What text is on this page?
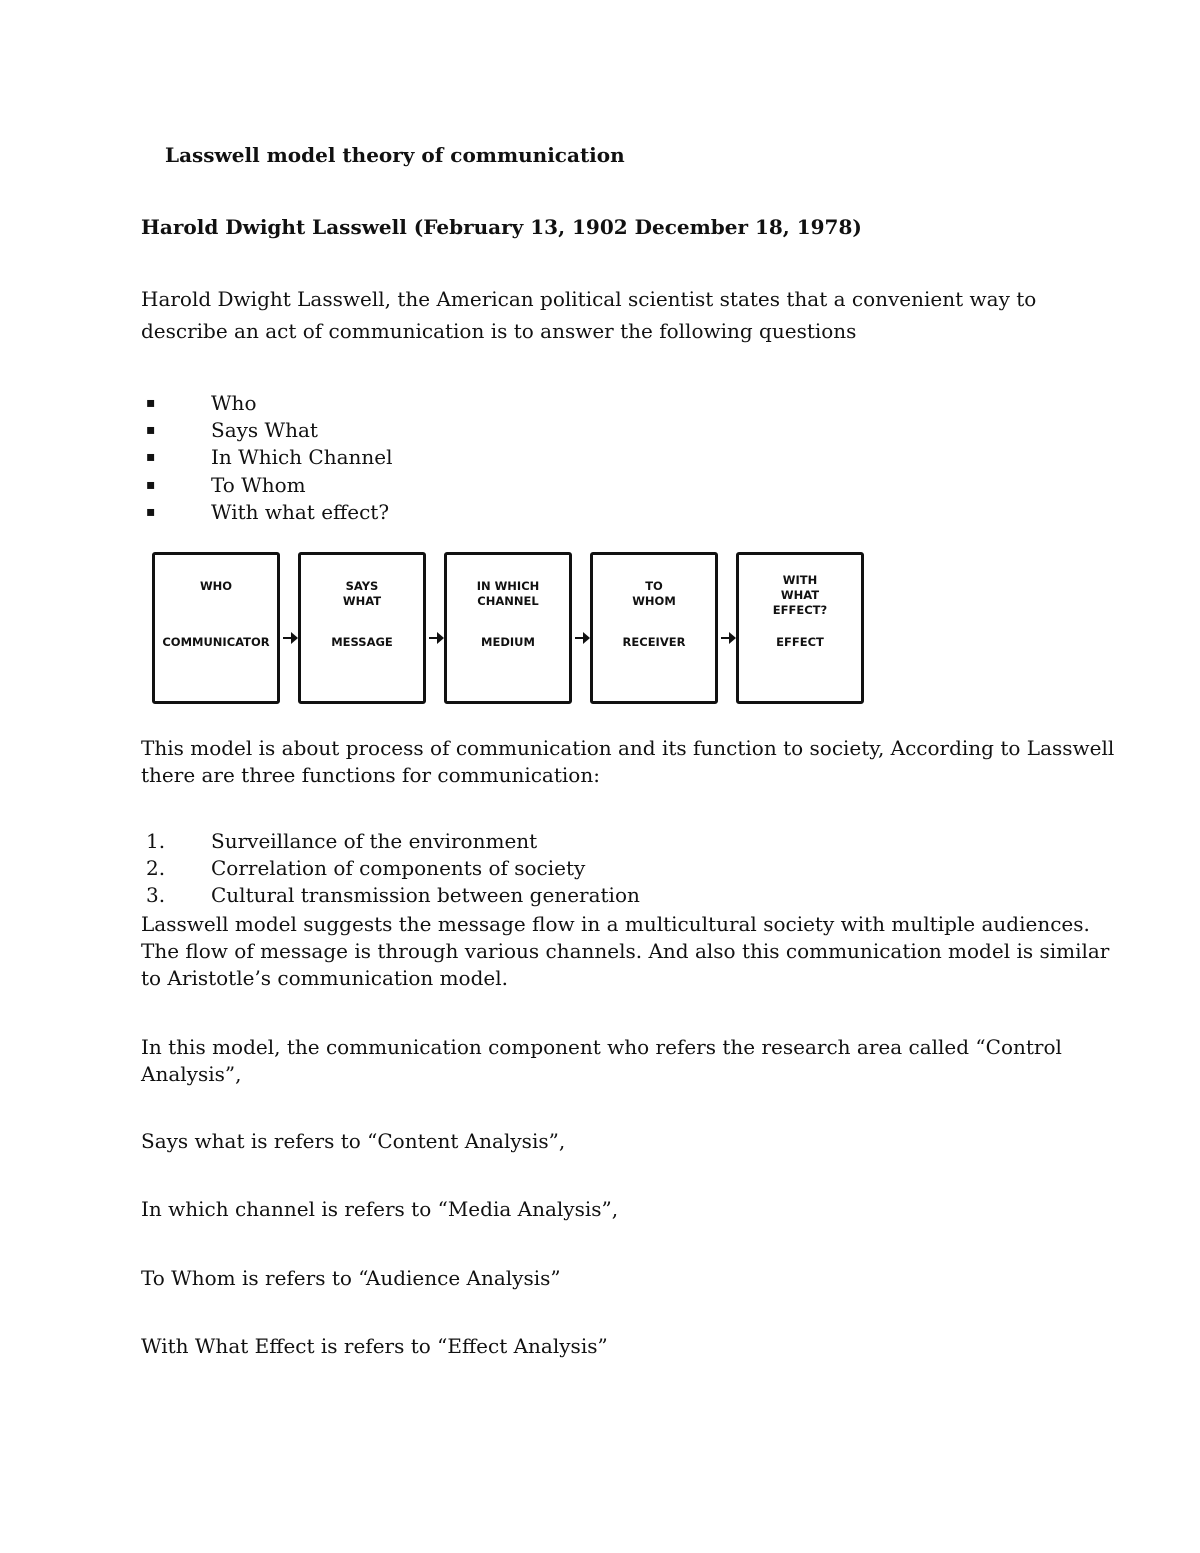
Lasswell model theory of communication
Harold Dwight Lasswell (February 13, 1902 December 18, 1978)
Harold Dwight Lasswell, the American political scientist states that a convenient way to
describe an act of communication is to answer the following questions
▪	Who
▪	Says What
▪	In Which Channel
▪	To Whom
▪	With what effect?
WHO
COMMUNICATOR
SAYS WHAT
MESSAGE
IN WHICH CHANNEL
MEDIUM
TO WHOM
RECEIVER
WITH WHAT EFFECT?
EFFECT
This model is about process of communication and its function to society, According to Lasswell
there are three functions for communication:
1. Surveillance of the environment
2. Correlation of components of society
3. Cultural transmission between generation
Lasswell model suggests the message flow in a multicultural society with multiple audiences.
The flow of message is through various channels. And also this communication model is similar
to Aristotle’s communication model.
In this model, the communication component who refers the research area called “Control
Analysis”,
Says what is refers to “Content Analysis”,
In which channel is refers to “Media Analysis”,
To Whom is refers to “Audience Analysis”
With What Effect is refers to “Effect Analysis”
